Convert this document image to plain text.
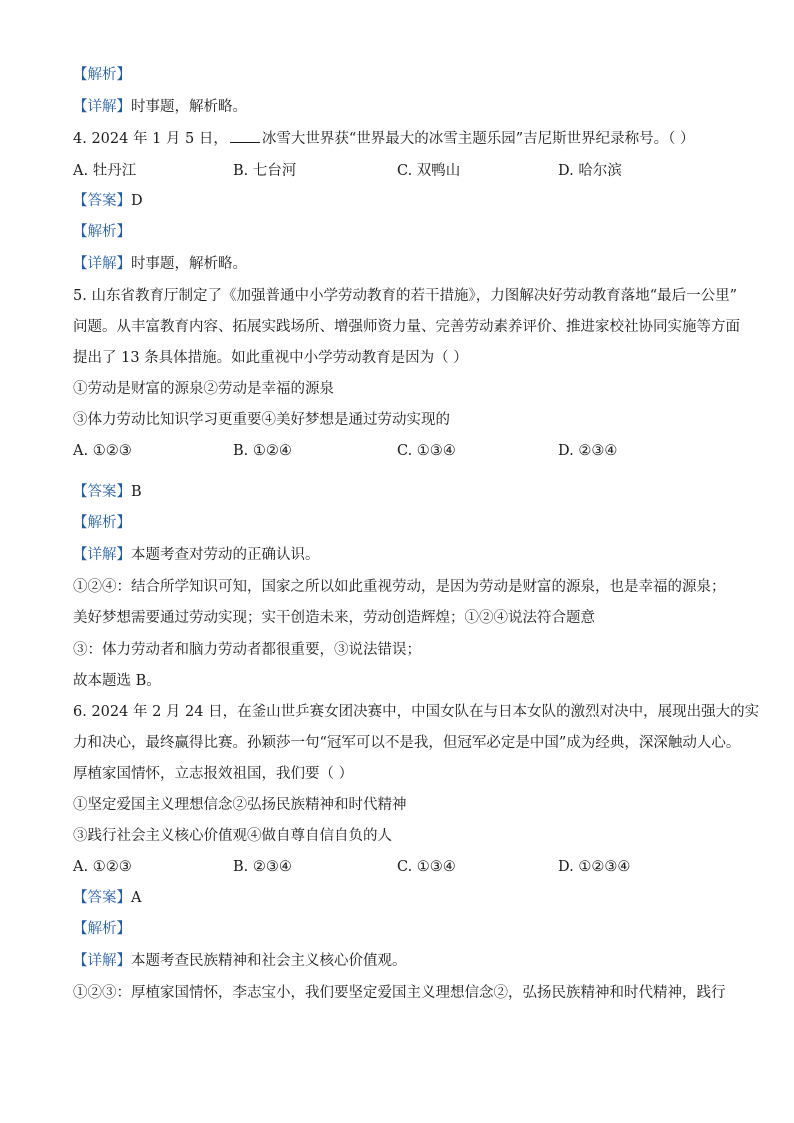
【解析】
【详解】时事题，解析略。
4. 2024 年 1 月 5 日， 冰雪大世界获“世界最大的冰雪主题乐园”吉尼斯世界纪录称号。（ ）
A. 牡丹江	B. 七台河	C. 双鸭山	D. 哈尔滨
【答案】D
【解析】
【详解】时事题，解析略。
5. 山东省教育厅制定了《加强普通中小学劳动教育的若干措施》，力图解决好劳动教育落地“最后一公里”
问题。从丰富教育内容、拓展实践场所、增强师资力量、完善劳动素养评价、推进家校社协同实施等方面
提出了 13 条具体措施。如此重视中小学劳动教育是因为（ ）
①劳动是财富的源泉②劳动是幸福的源泉
③体力劳动比知识学习更重要④美好梦想是通过劳动实现的
A. ①②③	B. ①②④	C. ①③④	D. ②③④
【答案】B
【解析】
【详解】本题考查对劳动的正确认识。
①②④：结合所学知识可知，国家之所以如此重视劳动，是因为劳动是财富的源泉，也是幸福的源泉；
美好梦想需要通过劳动实现；实干创造未来，劳动创造辉煌；①②④说法符合题意
③：体力劳动者和脑力劳动者都很重要，③说法错误；
故本题选 B。
6. 2024 年 2 月 24 日，在釜山世乒赛女团决赛中，中国女队在与日本女队的激烈对决中，展现出强大的实
力和决心，最终赢得比赛。孙颖莎一句“冠军可以不是我，但冠军必定是中国”成为经典，深深触动人心。
厚植家国情怀，立志报效祖国，我们要（ ）
①坚定爱国主义理想信念②弘扬民族精神和时代精神
③践行社会主义核心价值观④做自尊自信自负的人
A. ①②③	B. ②③④	C. ①③④	D. ①②③④
【答案】A
【解析】
【详解】本题考查民族精神和社会主义核心价值观。
①②③：厚植家国情怀，李志宝小，我们要坚定爱国主义理想信念②，弘扬民族精神和时代精神，践行
